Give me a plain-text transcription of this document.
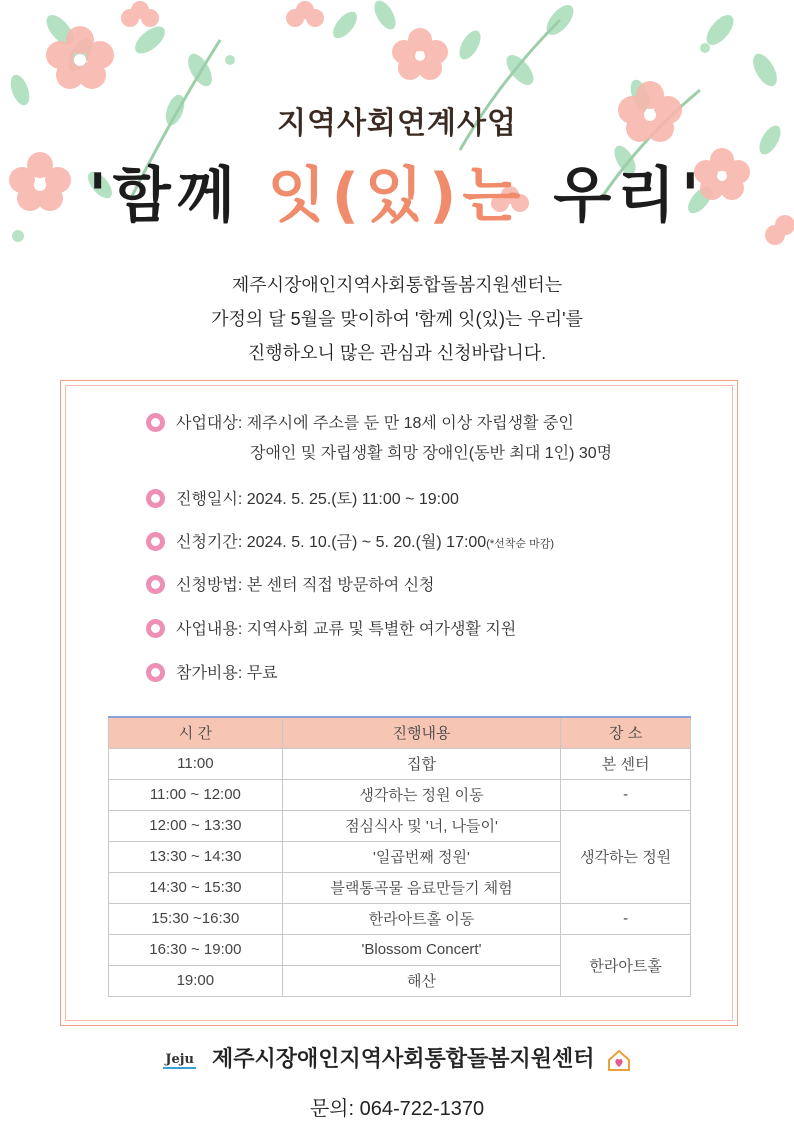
지역사회연계사업
'함께 잇(있)는 우리'
제주시장애인지역사회통합돌봄지원센터는
가정의 달 5월을 맞이하여 '함께 잇(있)는 우리'를
진행하오니 많은 관심과 신청바랍니다.
사업대상: 제주시에 주소를 둔 만 18세 이상 자립생활 중인
장애인 및 자립생활 희망 장애인(동반 최대 1인) 30명
진행일시: 2024. 5. 25.(토) 11:00 ~ 19:00
신청기간: 2024. 5. 10.(금) ~ 5. 20.(월) 17:00(*선착순 마감)
신청방법: 본 센터 직접 방문하여 신청
사업내용: 지역사회 교류 및 특별한 여가생활 지원
참가비용: 무료
시 간	진행내용	장 소
11:00	집합	본 센터
11:00 ~ 12:00	생각하는 정원 이동	-
12:00 ~ 13:30	점심식사 및 '너, 나들이'	생각하는 정원
13:30 ~ 14:30	'일곱번째 정원'	
14:30 ~ 15:30	블랙통곡물 음료만들기 체험	
15:30 ~16:30	한라아트홀 이동	-
16:30 ~ 19:00	'Blossom Concert'	한라아트홀
19:00	해산	
Jeju 제주시장애인지역사회통합돌봄지원센터
문의: 064-722-1370
